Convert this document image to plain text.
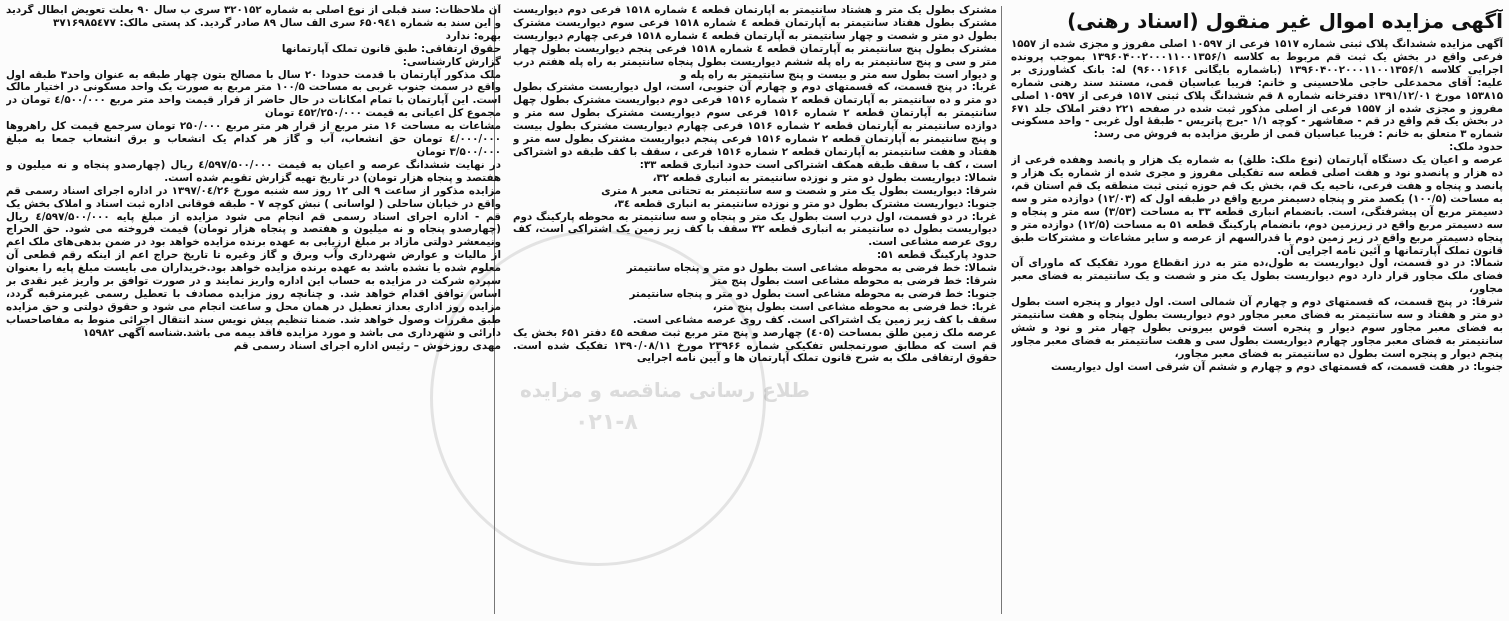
طلاع رسانی مناقصه و مزایده
۰۲۱-۸
آگهی مزایده اموال غیر منقول (اسناد رهنی)

آگهی مزایده ششدانگ پلاک ثبتی شماره ۱۵۱۷ فرعی از ۱۰۵۹۷ اصلی مفروز و مجزی شده از ۱۵۵۷ فرعی واقع در بخش یک ثبت قم مربوط به کلاسه ۱۳۹۶۰۴۰۰۲۰۰۰۱۱۰۰۱۳۵۶/۱ بموجب پرونده اجرایی کلاسه ۱۳۹۶۰۴۰۰۲۰۰۰۱۱۰۰۱۳۵۶/۱ (باشماره بایگانی ۹۶۰۰۱۶۱۶) له: بانک کشاورزی بر علیه: آقای محمدعلی حاجی ملاحسینی و خانم: فریبا عباسیان قمی، مستند سند رهنی شماره ۱۵۳۸۱۵ مورخ ۱۳۹۱/۱۲/۰۱ دفترخانه شماره ۸ قم ششدانگ پلاک ثبتی ۱۵۱۷ فرعی از ۱۰۵۹۷ اصلی مفروز و مجزی شده از ۱۵۵۷ فرعی از اصلی مذکور ثبت شده در صفحه ۲۲۱ دفتر املاک جلد ۶۷۱ در بخش یک قم واقع در قم - صفاشهر - کوچه ۱/۱ -برج پاتریس - طبقهٔ اول غربی - واحد مسکونی شماره ۳ متعلق به خانم : فریبا عباسیان قمی از طریق مزایده به فروش می رسد:

حدود ملک:

عرصه و اعیان یک دستگاه آپارتمان (نوع ملک: طلق) به شماره یک هزار و پانصد وهفده فرعی از ده هزار و پانصدو نود و هفت اصلی قطعه سه تفکیلی مفروز و مجری شده از شماره یک هزار و پانصد و پنجاه و هفت فرعی، ناحیه یک قم، بخش یک قم حوزه ثبتی ثبت منطقه یک قم استان قم، به مساحت (۱۰۰/۵) یکصد متر و پنجاه دسیمتر مربع واقع در طبقه اول که (۱۲/۰۳) دوازده متر و سه دسیمتر مربع آن پیشرفتگی، است. بانضمام انباری قطعه ۳۳ به مساحت (۳/۵۳) سه متر و پنجاه و سه دسیمتر مربع واقع در زیرزمین دوم، بانضمام پارکینگ قطعه ۵۱ به مساحت (۱۲/۵) دوازده متر و پنجاه دسیمتر مربع واقع در زیر زمین دوم با قدرالسهم از عرصه و سایر مشاعات و مشترکات طبق قانون تملک آپارتمانها و آئین نامه اجرایی آن.

شمالا: در دو قسمت، اول دیواریست به طول،ده متر به درز انقطاع مورد تفکیک که ماورای آن فضای ملک مجاور قرار دارد دوم دیواریست بطول یک متر و شصت و یک سانتیمتر به فضای معبر مجاور،

شرقا: در پنج قسمت، که قسمتهای دوم و چهارم آن شمالی است. اول دیوار و پنجره است بطول دو متر و هفتاد و سه سانتیمتر به فضای معبر مجاور دوم دیواریست بطول پنجاه و هفت سانتیمتر به فضای معبر مجاور سوم دیوار و پنجره است قوس بیرونی بطول چهار متر و نود و شش سانتیمتر به فضای معبر مجاور چهارم دیواریست بطول سی و هفت سانتیمتر به فضای معبر مجاور پنجم دیوار و پنجره است بطول ده سانتیمتر به فضای معبر مجاور،

جنوبا: در هفت قسمت، که قسمتهای دوم و چهارم و ششم آن شرقی است اول دیواریست

مشترک بطول یک متر و هشتاد سانتیمتر به آپارتمان قطعه ٤ شماره ۱۵۱۸ فرعی دوم دیواریست مشترک بطول هفتاد سانتیمتر به آپارتمان قطعه ٤ شماره ۱۵۱۸ فرعی سوم دیواریست مشترک بطول دو متر و شصت و چهار سانتیمتر به آپارتمان قطعه ٤ شماره ۱۵۱۸ فرعی چهارم دیواریست مشترک بطول پنج سانتیمتر به آپارتمان قطعه ٤ شماره ۱۵۱۸ فرعی پنجم دیواریست بطول چهار متر و سی و پنج سانتیمتر به راه پله ششم دیواریست بطول پنجاه سانتیمتر به راه پله هفتم درب و دیوار است بطول سه متر و بیست و پنج سانتیمتر به راه پله و

غربا: در پنج قسمت، که قسمتهای دوم و چهارم آن جنوبی، است، اول دیواریست مشترک بطول دو متر و ده سانتیمتر به آپارتمان قطعه ۲ شماره ۱۵۱۶ فرعی دوم دیواریست مشترک بطول چهل سانتیمتر به آپارتمان قطعه ۲ شماره ۱۵۱۶ فرعی سوم دیواریست مشترک بطول سه متر و دوازده سانتیمتر به آپارتمان قطعه ۲ شماره ۱۵۱۶ فرعی چهارم دیواریست مشترک بطول بیست و پنج سانتیمتر به آپارتمان قطعه ۲ شماره ۱۵۱۶ فرعی پنجم دیواریست مشترک بطول سه متر و هفتاد و هفت سانتیمتر به آپارتمان قطعه ۲ شماره ۱۵۱۶ فرعی ، سقف با کف طبقه دو اشتراکی است ، کف با سقف طبقه همکف اشتراکی است حدود انباری قطعه ۳۳:

شمالا: دیواریست بطول دو متر و نوزده سانتیمتر به انباری قطعه ۳۲،

شرقا: دیواریست بطول یک متر و شصت و سه سانتیمتر به تحتانی معبر ۸ متری

جنوبا: دیواریست مشترک بطول دو متر و نوزده سانتیمتر به انباری قطعه ۳٤،

غربا: در دو قسمت، اول درب است بطول یک متر و پنجاه و سه سانتیمتر به محوطه پارکینگ دوم دیواریست بطول ده سانتیمتر به انباری قطعه ۳۲ سقف با کف زیر زمین یک اشتراکی است، کف روی عرصه مشاعی است.

حدود پارکینگ قطعه ۵۱:

شمالا: خط فرضی به محوطه مشاعی است بطول دو متر و پنجاه سانتیمتر

شرقا: خط فرضی به محوطه مشاعی است بطول پنج متر

جنوبا: خط فرضی به محوطه مشاعی است بطول دو متر و پنجاه سانتیمتر

غربا: خط فرضی به محوطه مشاعی است بطول پنج متر،

سقف با کف زیر زمین یک اشتراکی است. کف روی عرصه مشاعی است.

عرصه ملک زمین طلق بمساحت (٤۰۵) چهارصد و پنج متر مربع ثبت صفحه ٤۵ دفتر ۶۵۱ بخش یک قم است که مطابق صورتمجلس تفکیکی شماره ۲۳۹۶۶ مورخ ۱۳۹۰/۰۸/۱۱ تفکیک شده است. حقوق ارتفاقی ملک به شرح قانون تملک آپارتمان ها و آیین نامه اجرایی

آن ملاحظات: سند قبلی از نوع اصلی به شماره ۳۲۰۱۵۲ سری ب سال ۹۰ بعلت تعویض ابطال گردید و این سند به شماره ۶۵۰۹٤۱ سری الف سال ۸۹ صادر گردید. کد پستی مالک: ۳۷۱۶۹۸۵٤۷۷

بهره: ندارد

حقوق ارتفاقی: طبق قانون تملک آپارتمانها

گزارش کارشناسی:

ملک مذکور آپارتمان با قدمت حدودا ۲۰ سال با مصالح بتون چهار طبقه به عنوان واحد۳ طبقه اول واقع در سمت جنوب غربی به مساحت ۱۰۰/۵ متر مربع به صورت یک واحد مسکونی در اختیار مالک است. این آپارتمان با تمام امکانات در حال حاضر از قرار قیمت واحد متر مربع ٤/۵۰۰/۰۰۰ تومان در مجموع کل اعیانی به قیمت ٤۵۲/۲۵۰/۰۰۰ تومان

مشاعات به مساحت ۱۶ متر مربع از قرار هر متر مربع ۲۵۰/۰۰۰ تومان سرجمع قیمت کل راهروها ٤/۰۰۰/۰۰۰ تومان حق انشعاب، آب و گاز هر کدام یک انشعاب و برق انشعاب جمعا به مبلغ ۳/۵۰۰/۰۰۰ تومان

در نهایت ششدانگ عرصه و اعیان به قیمت ٤/۵۹۷/۵۰۰/۰۰۰ ریال (چهارصدو پنجاه و نه میلیون و هفتصد و پنجاه هزار تومان) در تاریخ تهیه گزارش تقویم شده است.

مزایده مذکور از ساعت ۹ الی ۱۲ روز سه شنبه مورخ ۱۳۹۷/۰٤/۲۶ در اداره اجرای اسناد رسمی قم واقع در خیابان ساحلی ( لواسانی ) نبش کوچه ۷ - طبقه فوقانی اداره ثبت اسناد و املاک بخش یک قم - اداره اجرای اسناد رسمی قم انجام می شود مزایده از مبلغ پایه ٤/۵۹۷/۵۰۰/۰۰۰ ریال (چهارصدو پنجاه و نه میلیون و هفتصد و پنجاه هزار تومان) قیمت فروخته می شود. حق الحراج ونیمعشر دولتی مازاد بر مبلغ ارزیابی به عهده برنده مزایده خواهد بود در ضمن بدهی‌های ملک اعم از مالیات و عوارض شهرداری وآب وبرق و گاز وغیره تا تاریخ حراج اعم از اینکه رقم قطعی آن معلوم شده یا نشده باشد به عهده برنده مزایده خواهد بود.خریداران می بایست مبلغ پایه را بعنوان سپرده شرکت در مزایده به حساب این اداره واریز نمایند و در صورت توافق بر واریز غیر نقدی بر اساس توافق اقدام خواهد شد. و چنانچه روز مزایده مصادف با تعطیل رسمی غیرمترقبه گردد، مزایده روز اداری بعداز تعطیل در همان محل و ساعت انجام می شود و حقوق دولتی و حق مزایده طبق مقررات وصول خواهد شد. ضمنا تنظیم پیش نویس سند انتقال اجرائی منوط به مفاصاحساب دارائی و شهرداری می باشد و مورد مزایده فاقد بیمه می باشد.شناسه آگهی ۱۵۹۸۲

مهدی روزخوش – رئیس اداره اجرای اسناد رسمی قم
